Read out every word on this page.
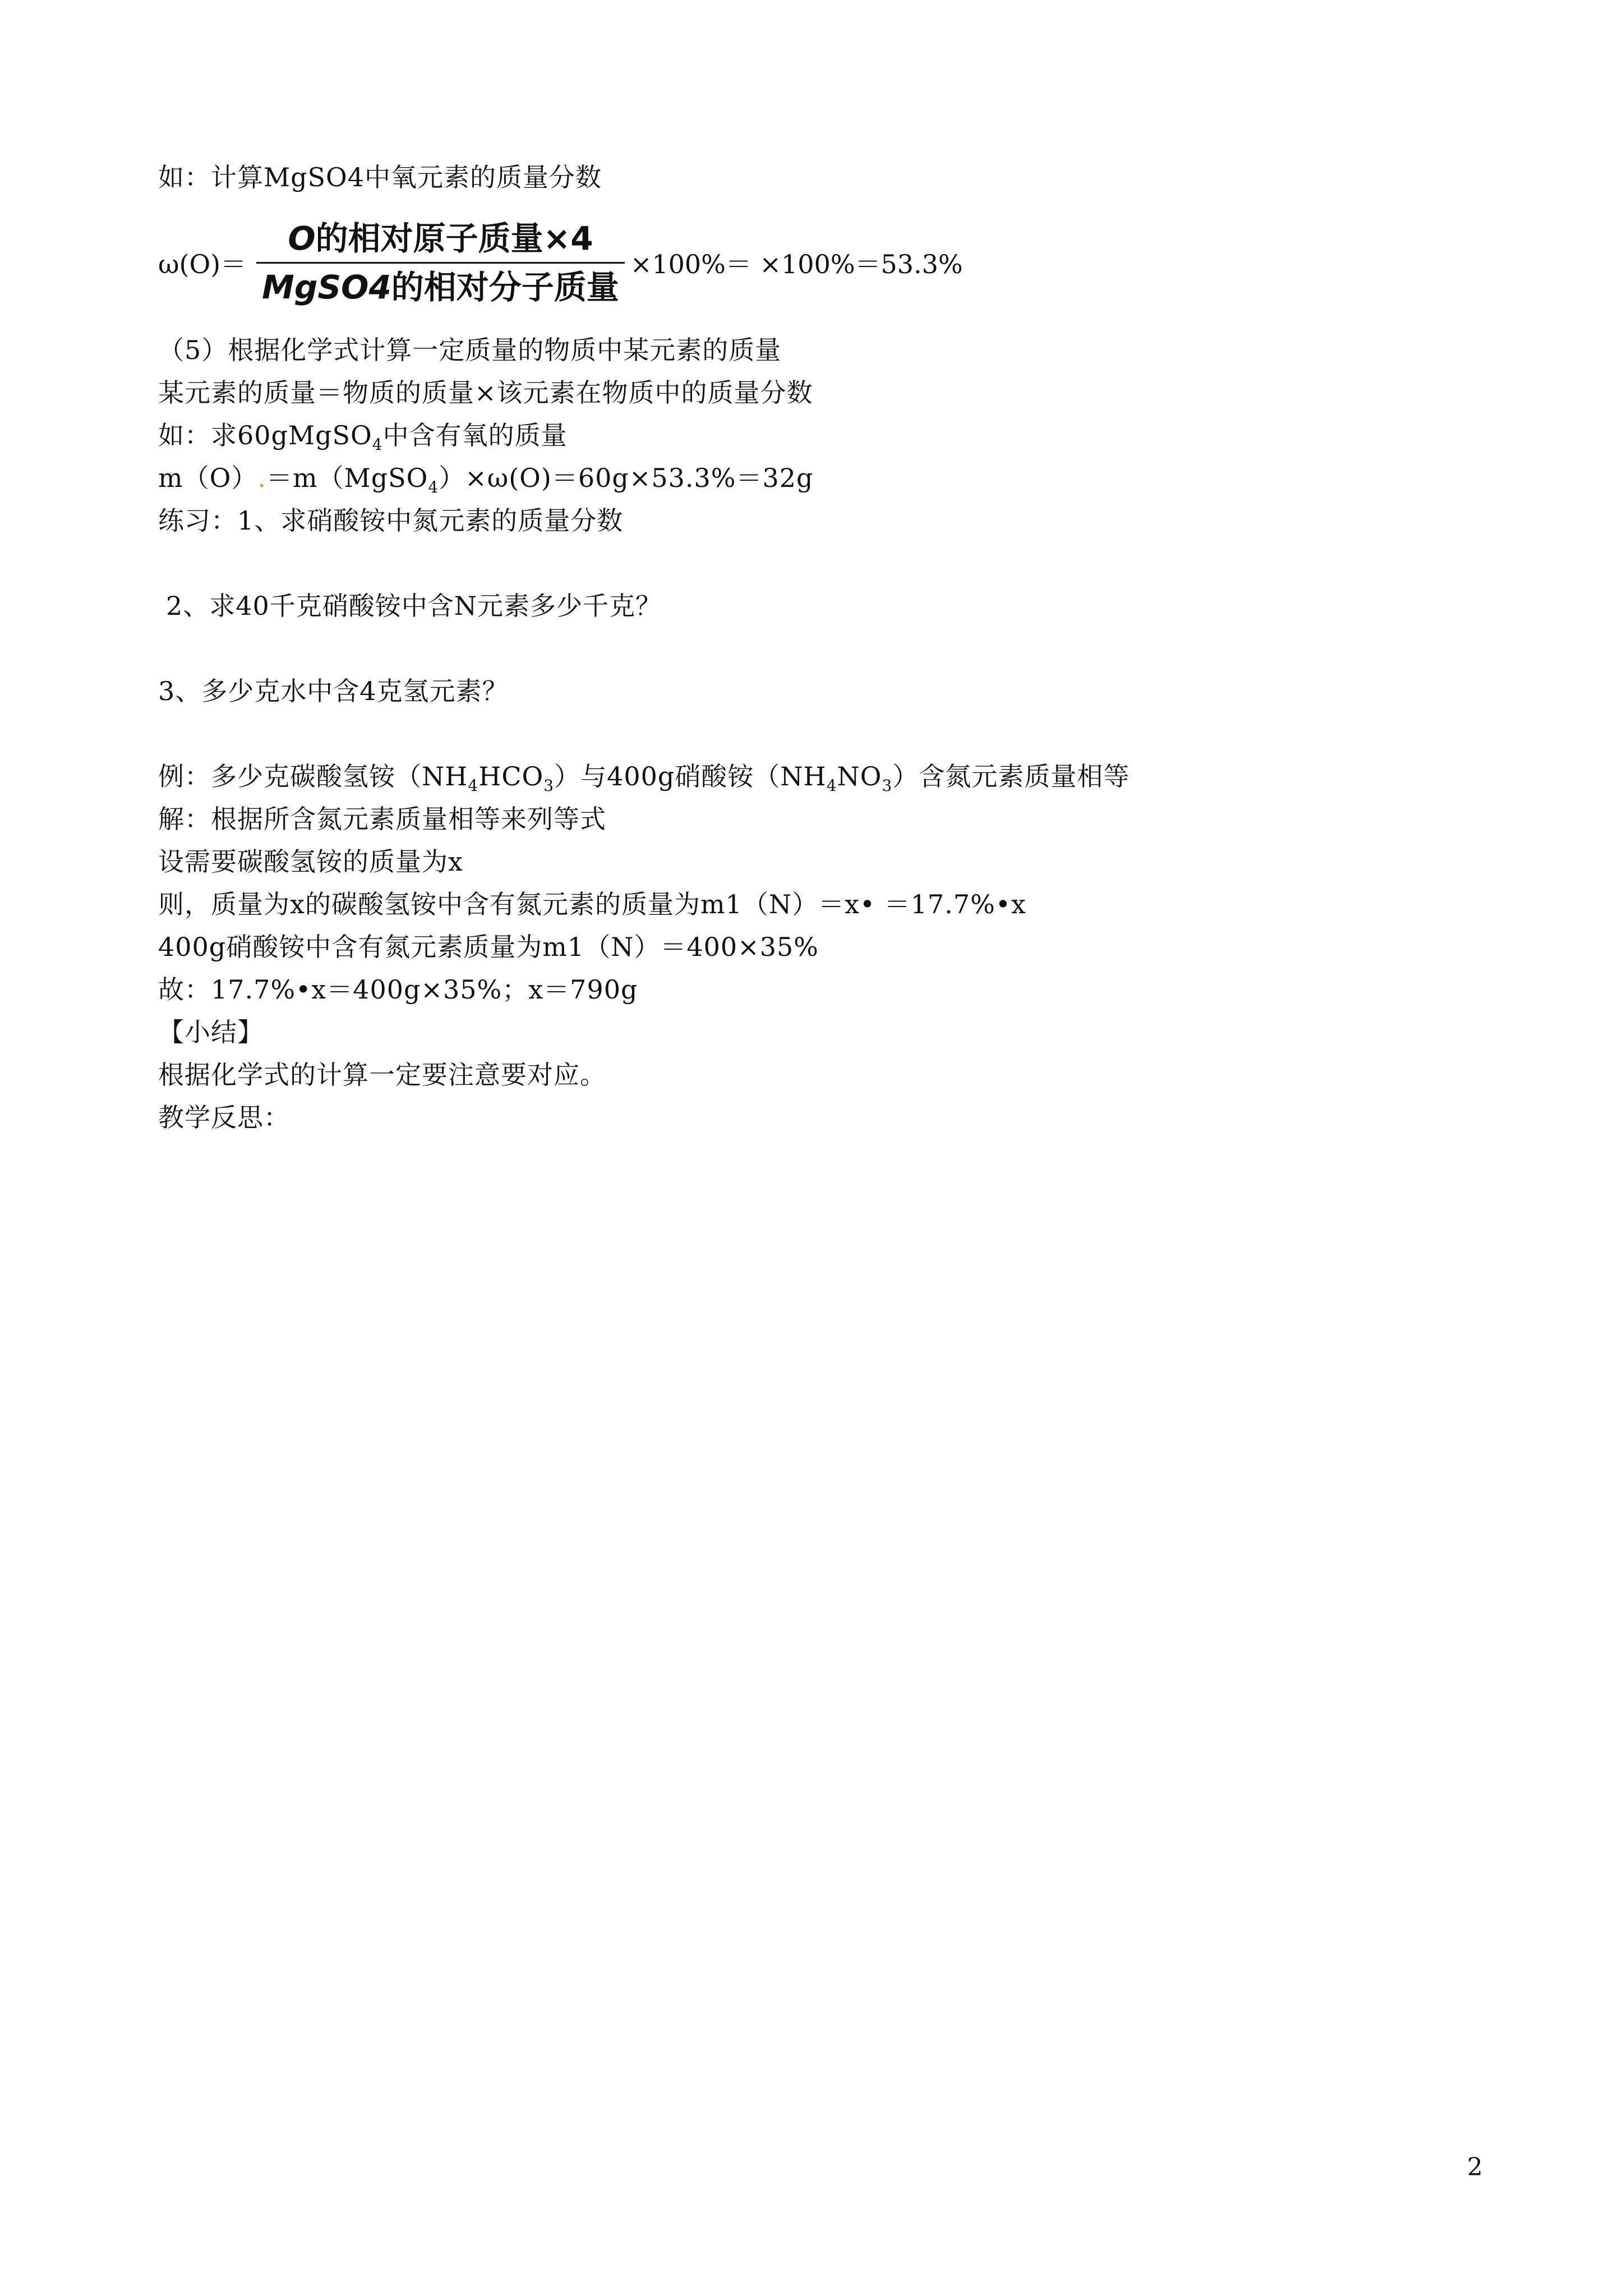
如：计算MgSO4中氧元素的质量分数
$\omega(O)= \frac{\text{O的相对原子质量×4}}{\text{MgSO4的相对分子质量}} \times 100\%= \times 100\%=53.3\%$
（5）根据化学式计算一定质量的物质中某元素的质量
某元素的质量＝物质的质量×该元素在物质中的质量分数
如：求60gMgSO$_4$中含有氧的质量
m（O）.＝m（MgSO$_4$）×ω(O)＝60g×53.3%＝32g
练习：1、求硝酸铵中氮元素的质量分数
2、求40千克硝酸铵中含N元素多少千克？
3、多少克水中含4克氢元素？
例：多少克碳酸氢铵$(NH_4HCO_3)$与400g硝酸铵$(NH_4NO_3)$含氮元素质量相等
解：根据所含氮元素质量相等来列等式
设需要碳酸氢铵的质量为x
则，质量为x的碳酸氢铵中含有氮元素的质量为m1（N）＝x• ＝17.7%•x
400g硝酸铵中含有氮元素质量为m1（N）＝400×35%
故：17.7%•x＝400g×35%；x＝790g
【小结】
根据化学式的计算一定要注意要对应。
教学反思：
2
